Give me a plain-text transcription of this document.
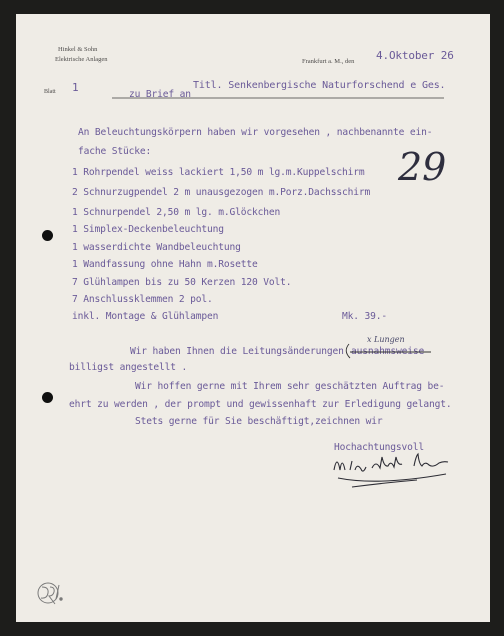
Hinkel & Sohn
Elektrische Anlagen	Frankfurt a. M., den 4.Oktober 26
Blatt 1
zu Brief an
Titl. Senkenbergische Naturforschend e Ges.
An Beleuchtungskörpern haben wir vorgesehen , nachbenannte ein-
fache Stücke:
1 Rohrpendel weiss lackiert 1,50 m lg.m.Kuppelschirm
2 Schnurzugpendel 2 m unausgezogen m.Porz.Dachsschirm
1 Schnurpendel 2,50 m lg. m.Glöckchen
1 Simplex-Deckenbeleuchtung
1 wasserdichte Wandbeleuchtung
1 Wandfassung ohne Hahn m.Rosette
7 Glühlampen bis zu 50 Kerzen 120 Volt.
7 Anschlussklemmen 2 pol.
inkl. Montage & Glühlampen	Mk. 39.-
Wir haben Ihnen die Leitungsänderungen ausnahmsweise
x Lungen
billigst angestellt .
Wir hoffen gerne mit Ihrem sehr geschätzten Auftrag be-
ehrt zu werden , der prompt und gewissenhaft zur Erledigung gelangt.
Stets gerne für Sie beschäftigt,zeichnen wir
Hochachtungsvoll
29
